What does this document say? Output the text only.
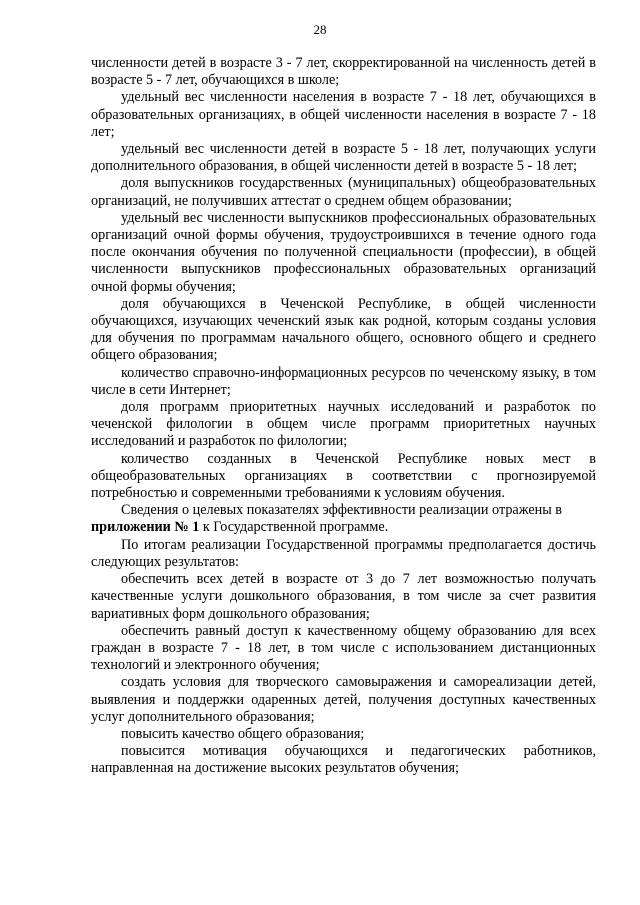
28

численности детей в возрасте 3 - 7 лет, скорректированной на численность детей в возрасте 5 - 7 лет, обучающихся в школе;

удельный вес численности населения в возрасте 7 - 18 лет, обучающихся в образовательных организациях, в общей численности населения в возрасте 7 - 18 лет;

удельный вес численности детей в возрасте 5 - 18 лет, получающих услуги дополнительного образования, в общей численности детей в возрасте 5 - 18 лет;

доля выпускников государственных (муниципальных) общеобразовательных организаций, не получивших аттестат о среднем общем образовании;

удельный вес численности выпускников профессиональных образовательных организаций очной формы обучения, трудоустроившихся в течение одного года после окончания обучения по полученной специальности (профессии), в общей численности выпускников профессиональных образовательных организаций очной формы обучения;

доля обучающихся в Чеченской Республике, в общей численности обучающихся, изучающих чеченский язык как родной, которым созданы условия для обучения по программам начального общего, основного общего и среднего общего образования;

количество справочно-информационных ресурсов по чеченскому языку, в том числе в сети Интернет;

доля программ приоритетных научных исследований и разработок по чеченской филологии в общем числе программ приоритетных научных исследований и разработок по филологии;

количество созданных в Чеченской Республике новых мест в общеобразовательных организациях в соответствии с прогнозируемой потребностью и современными требованиями к условиям обучения.

Сведения о целевых показателях эффективности реализации отражены в
приложении № 1 к Государственной программе.

По итогам реализации Государственной программы предполагается достичь следующих результатов:

обеспечить всех детей в возрасте от 3 до 7 лет возможностью получать качественные услуги дошкольного образования, в том числе за счет развития вариативных форм дошкольного образования;

обеспечить равный доступ к качественному общему образованию для всех граждан в возрасте 7 - 18 лет, в том числе с использованием дистанционных технологий и электронного обучения;

создать условия для творческого самовыражения и самореализации детей, выявления и поддержки одаренных детей, получения доступных качественных услуг дополнительного образования;

повысить качество общего образования;

повысится мотивация обучающихся и педагогических работников, направленная на достижение высоких результатов обучения;
